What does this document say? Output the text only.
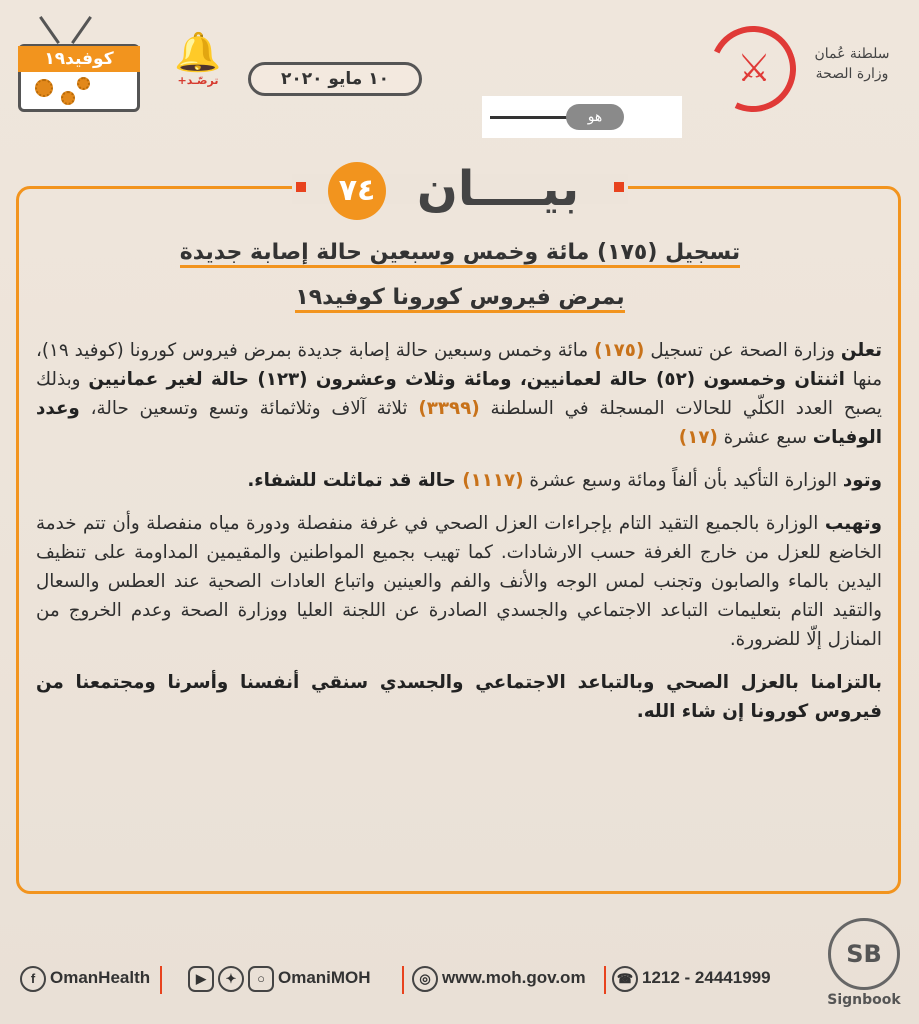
كوفيد١٩	🔔
ترصّـد+	١٠ مايو ٢٠٢٠	⚔	سلطنة عُمان
وزارة الصحة
هو
٧٤ بيــــان
تسجيل (١٧٥) مائة وخمس وسبعين حالة إصابة جديدة
بمرض فيروس كورونا كوفيد١٩

تعلن وزارة الصحة عن تسجيل (١٧٥) مائة وخمس وسبعين حالة إصابة جديدة بمرض فيروس كورونا (كوفيد ١٩)، منها اثنتان وخمسون (٥٢) حالة لعمانيين، ومائة وثلاث وعشرون (١٢٣) حالة لغير عمانيين وبذلك يصبح العدد الكلّي للحالات المسجلة في السلطنة (٣٣٩٩) ثلاثة آلاف وثلاثمائة وتسع وتسعين حالة، وعدد الوفيات سبع عشرة (١٧)

وتود الوزارة التأكيد بأن ألفاً ومائة وسبع عشرة (١١١٧) حالة قد تماثلت للشفاء.

وتهيب الوزارة بالجميع التقيد التام بإجراءات العزل الصحي في غرفة منفصلة ودورة مياه منفصلة وأن تتم خدمة الخاضع للعزل من خارج الغرفة حسب الارشادات. كما تهيب بجميع المواطنين والمقيمين المداومة على تنظيف اليدين بالماء والصابون وتجنب لمس الوجه والأنف والفم والعينين واتباع العادات الصحية عند العطس والسعال والتقيد التام بتعليمات التباعد الاجتماعي والجسدي الصادرة عن اللجنة العليا ووزارة الصحة وعدم الخروج من المنازل إلّا للضرورة.

بالتزامنا بالعزل الصحي وبالتباعد الاجتماعي والجسدي سنقي أنفسنا وأسرنا ومجتمعنا من فيروس كورونا إن شاء الله.

f OmanHealth	▶ ✦ ○ OmaniMOH	◎ www.moh.gov.om	☎ 1212 - 24441999
SB
Signbook
